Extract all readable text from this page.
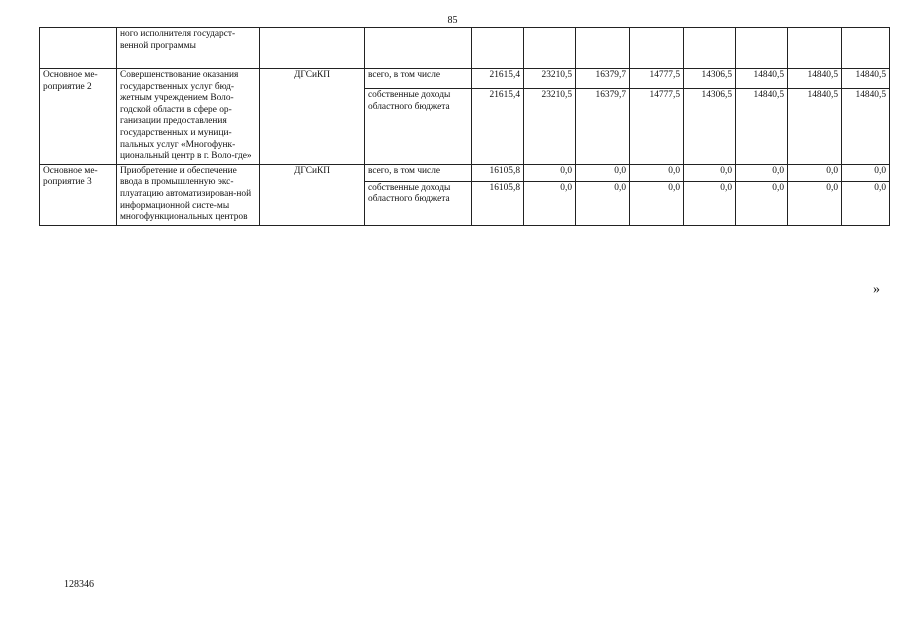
85
	ного исполнителя государст-венной программы										
Основное ме-роприятие 2	Совершенствование оказания государственных услуг бюд-жетным учреждением Воло-годской области в сфере ор-ганизации предоставления государственных и муници-пальных услуг «Многофунк-циональный центр в г. Воло-где»	ДГСиКП	всего, в том числе	21615,4	23210,5	16379,7	14777,5	14306,5	14840,5	14840,5	14840,5
			собственные доходы областного бюджета	21615,4	23210,5	16379,7	14777,5	14306,5	14840,5	14840,5	14840,5
Основное ме-роприятие 3	Приобретение и обеспечение ввода в промышленную экс-плуатацию автоматизирован-ной информационной систе-мы многофункциональных центров	ДГСиКП	всего, в том числе	16105,8	0,0	0,0	0,0	0,0	0,0	0,0	0,0
			собственные доходы областного бюджета	16105,8	0,0	0,0	0,0	0,0	0,0	0,0	0,0
»
128346
